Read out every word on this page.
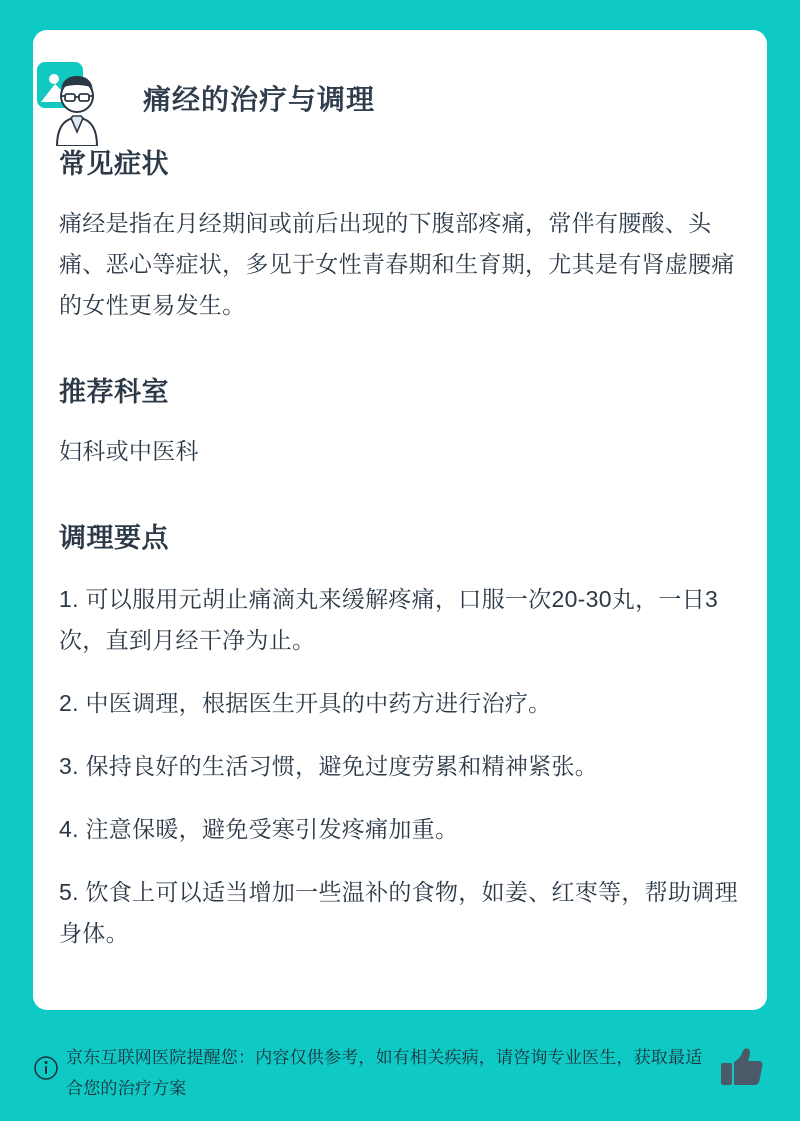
痛经的治疗与调理
常见症状

痛经是指在月经期间或前后出现的下腹部疼痛，常伴有腰酸、头痛、恶心等症状，多见于女性青春期和生育期，尤其是有肾虚腰痛的女性更易发生。

推荐科室

妇科或中医科

调理要点

1. 可以服用元胡止痛滴丸来缓解疼痛，口服一次20-30丸，一日3次，直到月经干净为止。

2. 中医调理，根据医生开具的中药方进行治疗。

3. 保持良好的生活习惯，避免过度劳累和精神紧张。

4. 注意保暖，避免受寒引发疼痛加重。

5. 饮食上可以适当增加一些温补的食物，如姜、红枣等，帮助调理身体。

京东互联网医院提醒您：内容仅供参考，如有相关疾病，请咨询专业医生，获取最适合您的治疗方案
